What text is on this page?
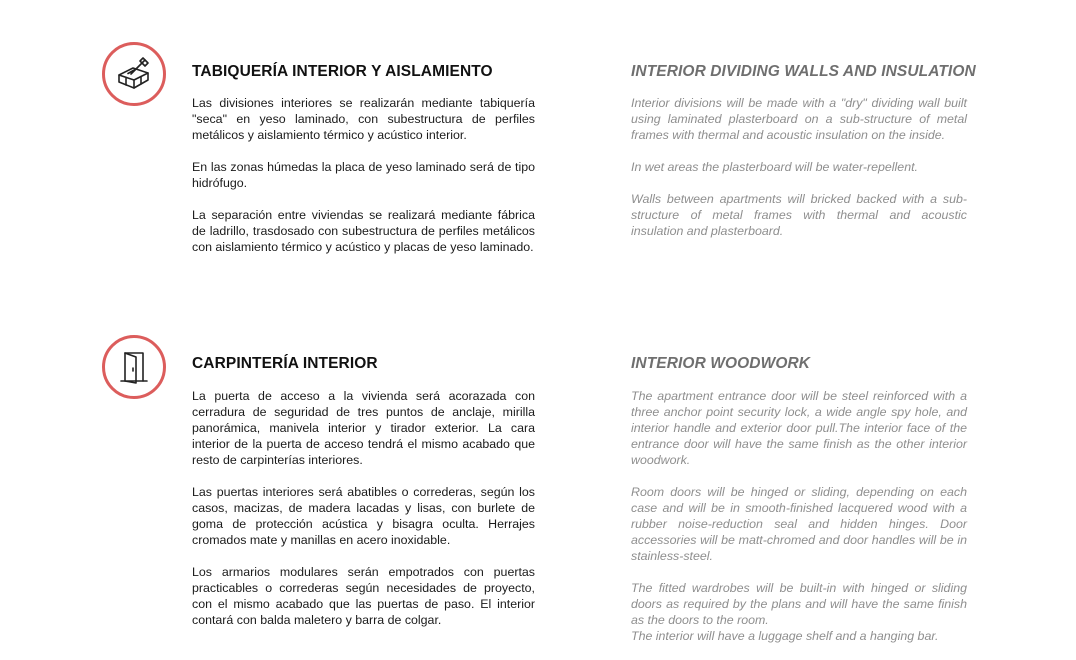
TABIQUERÍA INTERIOR Y AISLAMIENTO	INTERIOR DIVIDING WALLS AND INSULATION

Las divisiones interiores se realizarán mediante tabiquería "seca" en yeso laminado, con subestructura de perfiles metálicos y aislamiento térmico y acústico interior.

En las zonas húmedas la placa de yeso laminado será de tipo hidrófugo.

La separación entre viviendas se realizará mediante fábrica de ladrillo, trasdosado con subestructura de perfiles metálicos con aislamiento térmico y acústico y placas de yeso laminado.

Interior divisions will be made with a "dry" dividing wall built using laminated plasterboard on a sub-structure of metal frames with thermal and acoustic insulation on the inside.

In wet areas the plasterboard will be water-repellent.

Walls between apartments will bricked backed with a sub-structure of metal frames with thermal and acoustic insulation and plasterboard.

CARPINTERÍA INTERIOR	INTERIOR WOODWORK

La puerta de acceso a la vivienda será acorazada con cerradura de seguridad de tres puntos de anclaje, mirilla panorámica, manivela interior y tirador exterior. La cara interior de la puerta de acceso tendrá el mismo acabado que resto de carpinterías interiores.

Las puertas interiores será abatibles o correderas, según los casos, macizas, de madera lacadas y lisas, con burlete de goma de protección acústica y bisagra oculta. Herrajes cromados mate y manillas en acero inoxidable.

Los armarios modulares serán empotrados con puertas practicables o correderas según necesidades de proyecto, con el mismo acabado que las puertas de paso. El interior contará con balda maletero y barra de colgar.

The apartment entrance door will be steel reinforced with a three anchor point security lock, a wide angle spy hole, and interior handle and exterior door pull.The interior face of the entrance door will have the same finish as the other interior woodwork.

Room doors will be hinged or sliding, depending on each case and will be in smooth-finished lacquered wood with a rubber noise-reduction seal and hidden hinges. Door accessories will be matt-chromed and door handles will be in stainless-steel.

The fitted wardrobes will be built-in with hinged or sliding doors as required by the plans and will have the same finish as the doors to the room.

The interior will have a luggage shelf and a hanging bar.
